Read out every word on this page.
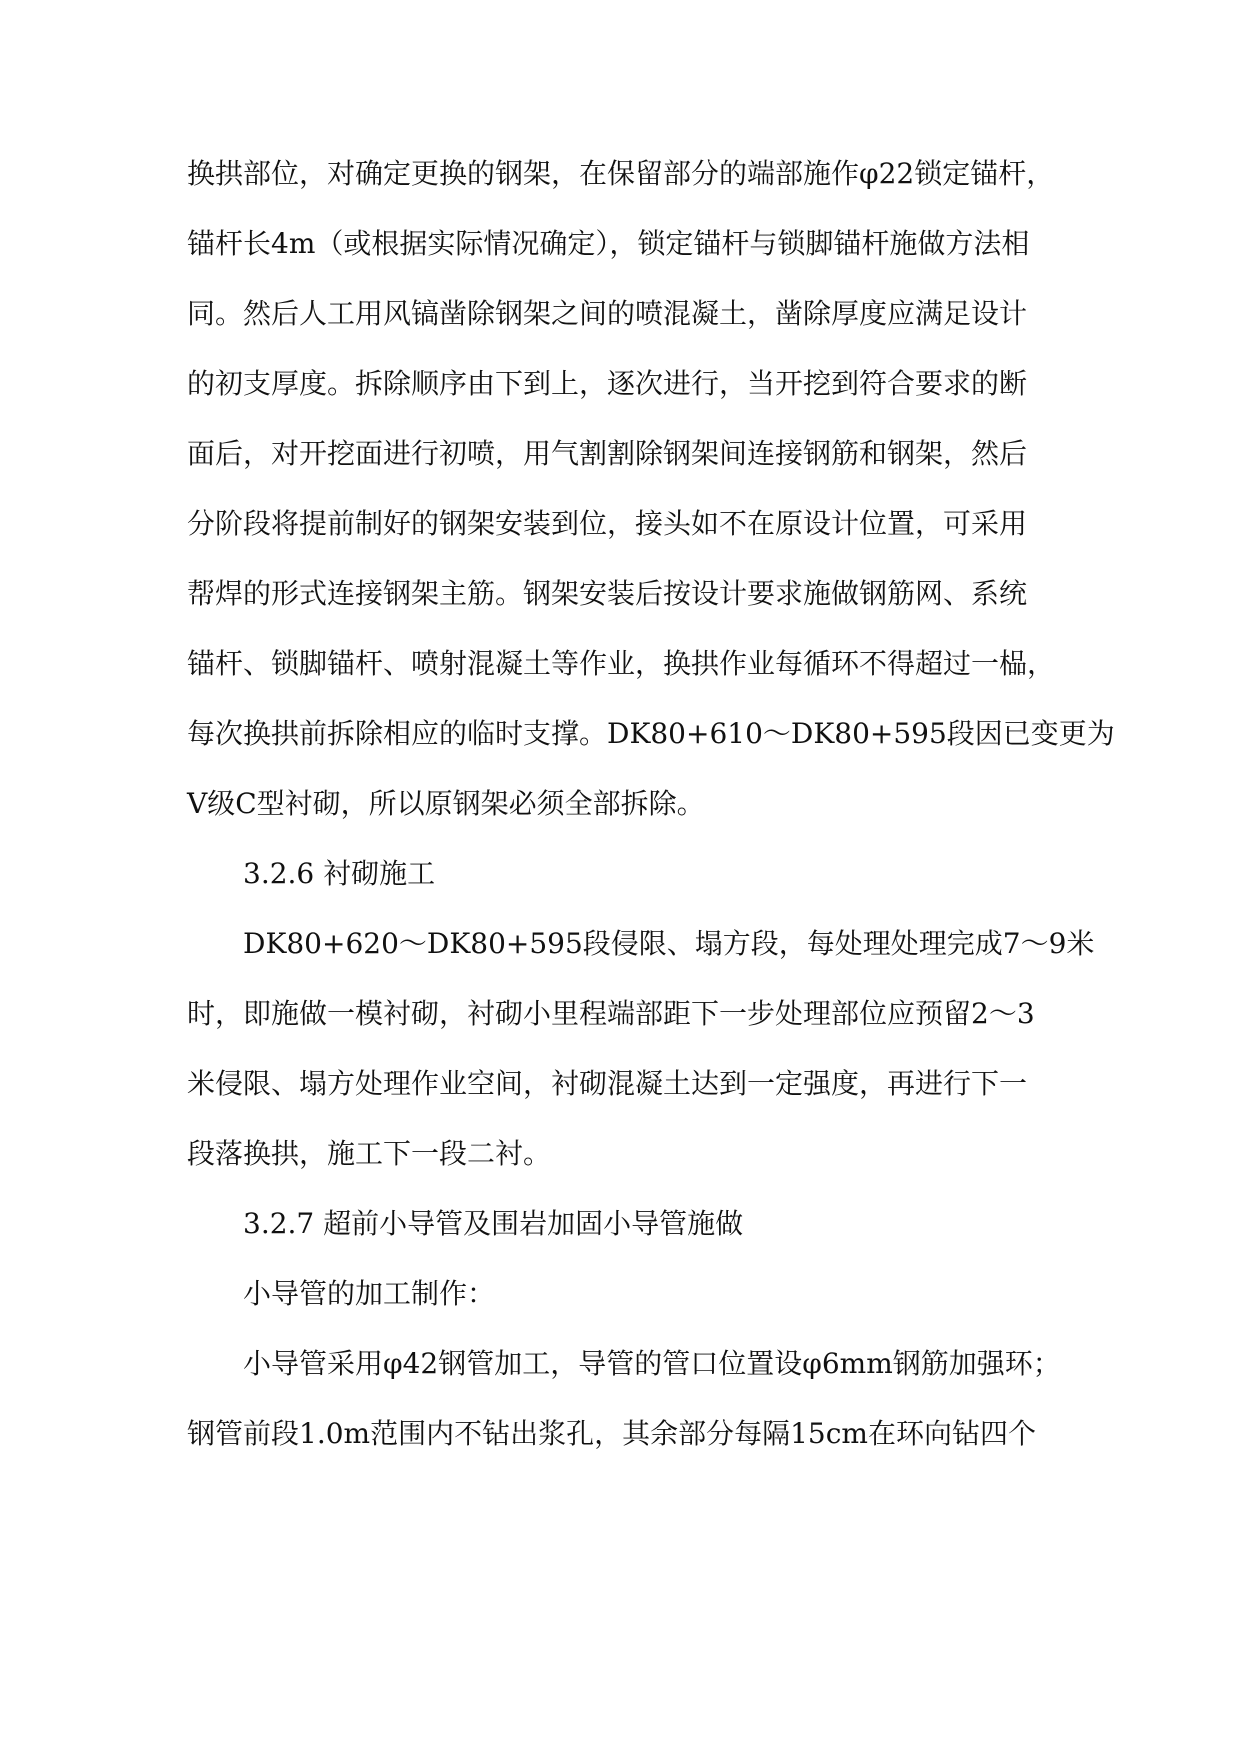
换拱部位，对确定更换的钢架，在保留部分的端部施作φ22锁定锚杆，
锚杆长4m（或根据实际情况确定），锁定锚杆与锁脚锚杆施做方法相
同。然后人工用风镐凿除钢架之间的喷混凝土，凿除厚度应满足设计
的初支厚度。拆除顺序由下到上，逐次进行，当开挖到符合要求的断
面后，对开挖面进行初喷，用气割割除钢架间连接钢筋和钢架，然后
分阶段将提前制好的钢架安装到位，接头如不在原设计位置，可采用
帮焊的形式连接钢架主筋。钢架安装后按设计要求施做钢筋网、系统
锚杆、锁脚锚杆、喷射混凝土等作业，换拱作业每循环不得超过一榀，
每次换拱前拆除相应的临时支撑。DK80+610～DK80+595段因已变更为
Ⅴ级C型衬砌，所以原钢架必须全部拆除。
3.2.6 衬砌施工
DK80+620～DK80+595段侵限、塌方段，每处理处理完成7～9米
时，即施做一模衬砌，衬砌小里程端部距下一步处理部位应预留2～3
米侵限、塌方处理作业空间，衬砌混凝土达到一定强度，再进行下一
段落换拱，施工下一段二衬。
3.2.7 超前小导管及围岩加固小导管施做
小导管的加工制作：
小导管采用φ42钢管加工，导管的管口位置设φ6mm钢筋加强环；
钢管前段1.0m范围内不钻出浆孔，其余部分每隔15cm在环向钻四个
